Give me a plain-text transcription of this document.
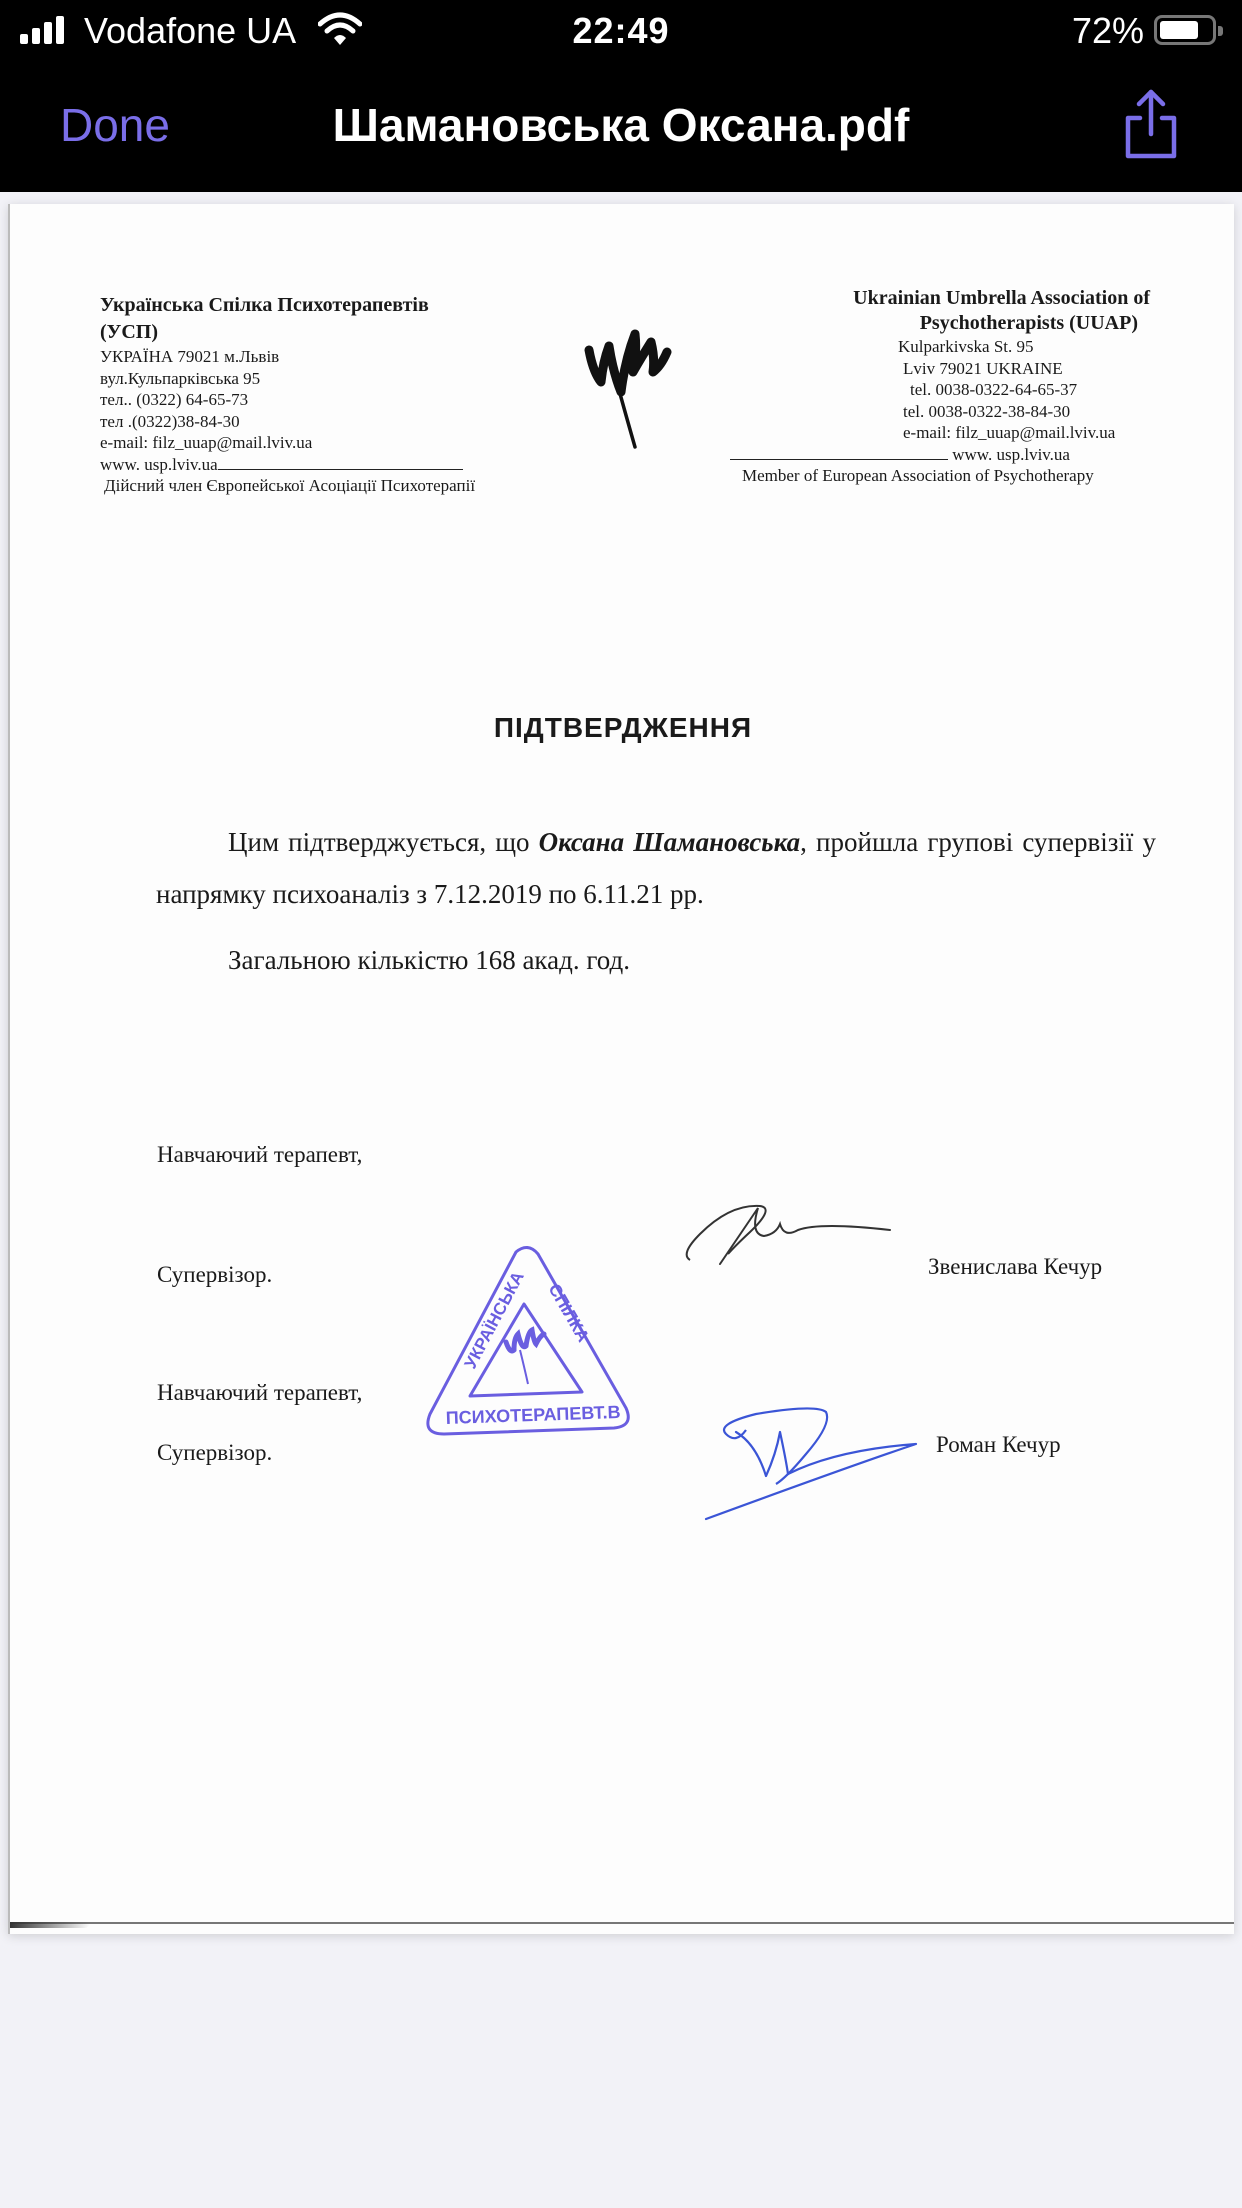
Vodafone UA	22:49	72%
Done	Шамановська Оксана.pdf
Українська Спілка Психотерапевтів
(УСП)
УКРАЇНА 79021 м.Львів
вул.Кульпарківська 95
тел.. (0322) 64-65-73
тел .(0322)38-84-30
e-mail: filz_uuap@mail.lviv.ua
www. usp.lviv.ua
Дійсний член Європейської Асоціації Психотерапії
Ukrainian Umbrella Association of
Psychotherapists (UUAP)
Kulparkivska St. 95
Lviv 79021 UKRAINE
tel. 0038-0322-64-65-37
tel. 0038-0322-38-84-30
e-mail: filz_uuap@mail.lviv.ua
www. usp.lviv.ua
Member of European Association of Psychotherapy
ПІДТВЕРДЖЕННЯ
Цим підтверджується, що Оксана Шамановська, пройшла групові супервізії у напрямку психоаналіз з 7.12.2019 по 6.11.21 рр.
Загальною кількістю 168 акад. год.
Навчаючий терапевт,
Супервізор.	Звенислава Кечур
УКРАЇНСЬКА СПІЛКА
ПСИХОТЕРАПЕВТ.В
Навчаючий терапевт,
Супервізор.	Роман Кечур
